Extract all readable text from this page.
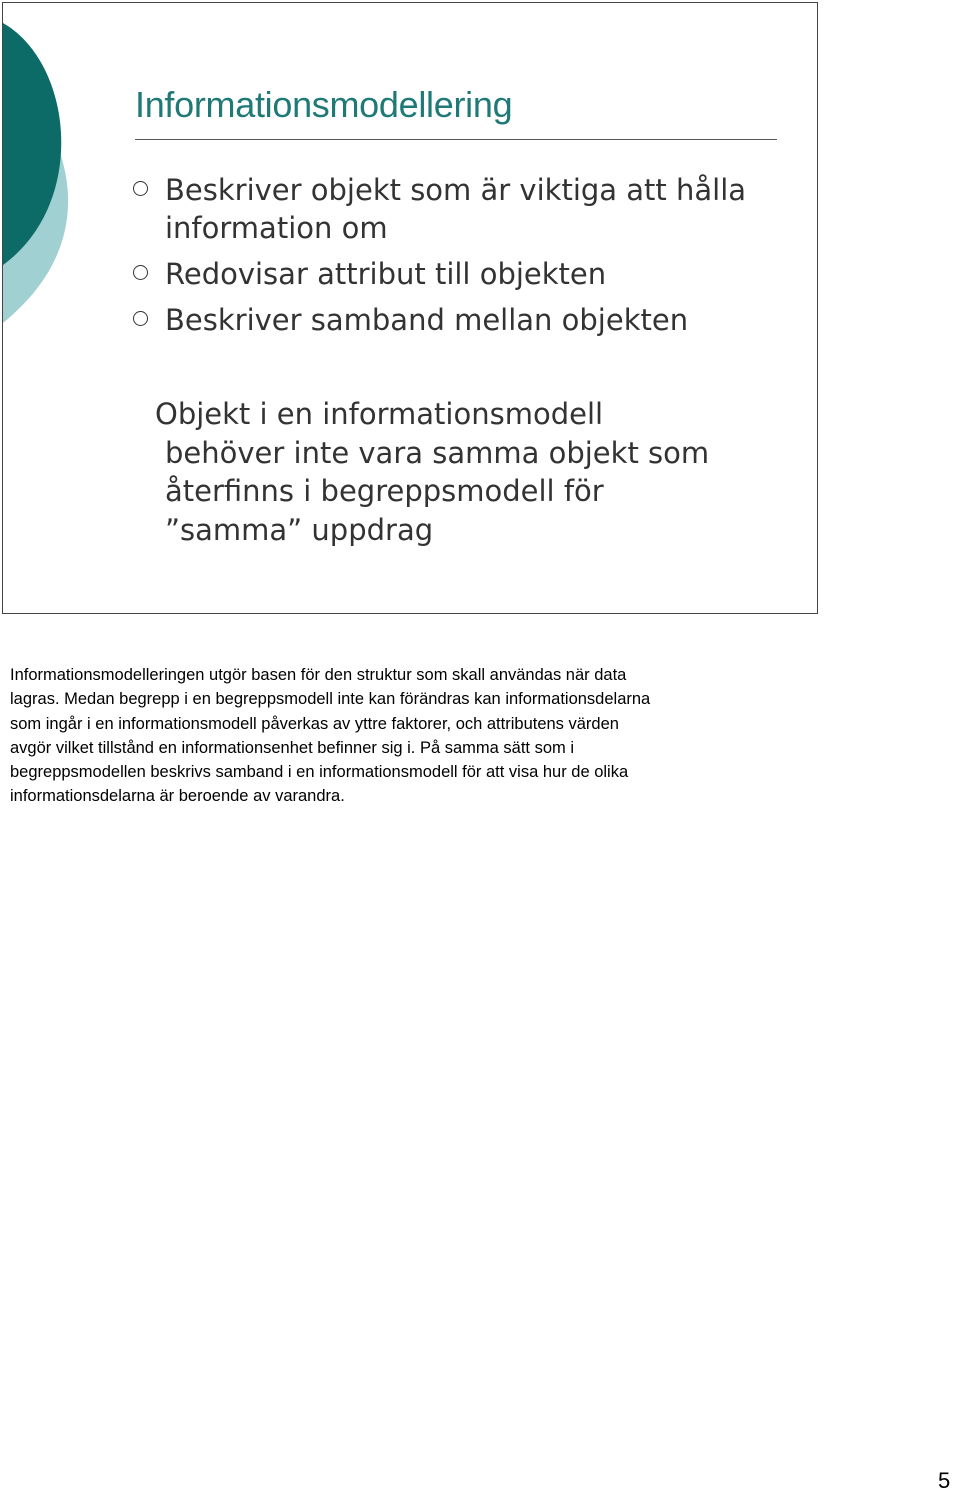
Informationsmodellering
Beskriver objekt som är viktiga att hålla information om
Redovisar attribut till objekten
Beskriver samband mellan objekten
Objekt i en informationsmodell
behöver inte vara samma objekt som
återfinns i begreppsmodell för
”samma” uppdrag
Informationsmodelleringen utgör basen för den struktur som skall användas när data
lagras. Medan begrepp i en begreppsmodell inte kan förändras kan informationsdelarna
som ingår i en informationsmodell påverkas av yttre faktorer, och attributens värden
avgör vilket tillstånd en informationsenhet befinner sig i. På samma sätt som i
begreppsmodellen beskrivs samband i en informationsmodell för att visa hur de olika
informationsdelarna är beroende av varandra.
5
